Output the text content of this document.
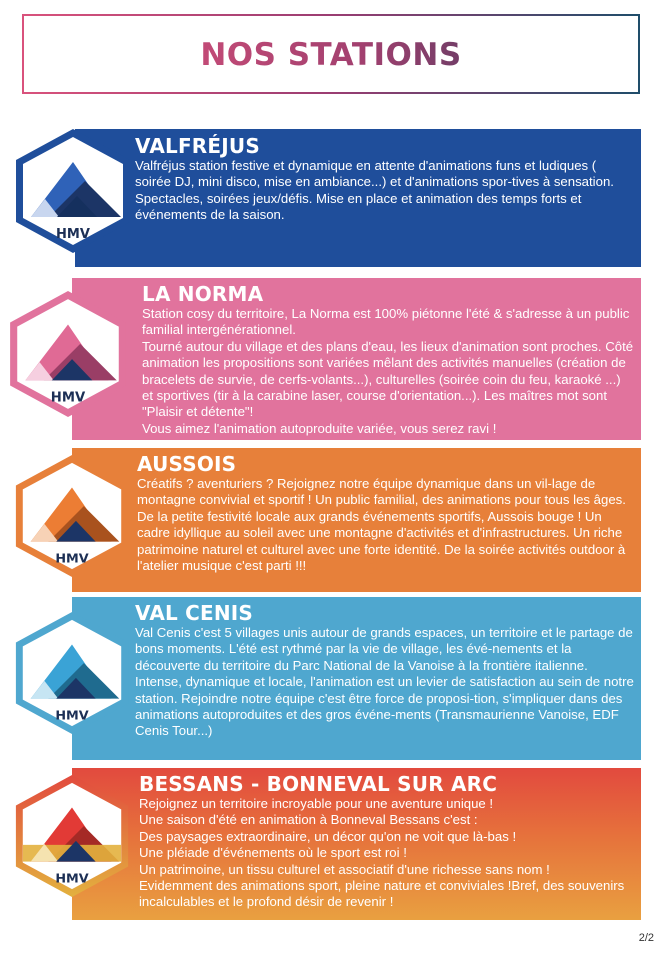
NOS STATIONS
VALFRÉJUS

Valfréjus station festive et dynamique en attente d'animations funs et ludiques ( soirée DJ, mini disco, mise en ambiance...) et d'animations spor-tives à sensation.
Spectacles, soirées jeux/défis. Mise en place et animation des temps forts et événements de la saison.

HMV
LA NORMA

Station cosy du territoire, La Norma est 100% piétonne l'été & s'adresse à un public familial intergénérationnel.
Tourné autour du village et des plans d'eau, les lieux d'animation sont proches. Côté animation les propositions sont variées mêlant des activités manuelles (création de bracelets de survie, de cerfs-volants...), culturelles (soirée coin du feu, karaoké ...) et sportives (tir à la carabine laser, course d'orientation...). Les maîtres mot sont "Plaisir et détente"!
Vous aimez l'animation autoproduite variée, vous serez ravi !

HMV
AUSSOIS

Créatifs ? aventuriers ? Rejoignez notre équipe dynamique dans un vil-lage de montagne convivial et sportif ! Un public familial, des animations pour tous les âges. De la petite festivité locale aux grands événements sportifs, Aussois bouge ! Un cadre idyllique au soleil avec une montagne d'activités et d'infrastructures. Un riche patrimoine naturel et culturel avec une forte identité. De la soirée activités outdoor à l'atelier musique c'est parti !!!

HMV
VAL CENIS

Val Cenis c'est 5 villages unis autour de grands espaces, un territoire et le partage de bons moments. L'été est rythmé par la vie de village, les évé-nements et la découverte du territoire du Parc National de la Vanoise à la frontière italienne.
Intense, dynamique et locale, l'animation est un levier de satisfaction au sein de notre station. Rejoindre notre équipe c'est être force de proposi-tion, s'impliquer dans des animations autoproduites et des gros événe-ments (Transmaurienne Vanoise, EDF Cenis Tour...)

HMV
BESSANS - BONNEVAL SUR ARC

Rejoignez un territoire incroyable pour une aventure unique !
Une saison d'été en animation à Bonneval Bessans c'est :
Des paysages extraordinaire, un décor qu'on ne voit que là-bas !
Une pléiade d'événements où le sport est roi !
Un patrimoine, un tissu culturel et associatif d'une richesse sans nom !
Evidemment des animations sport, pleine nature et conviviales !Bref, des souvenirs incalculables et le profond désir de revenir !

HMV
2/2
